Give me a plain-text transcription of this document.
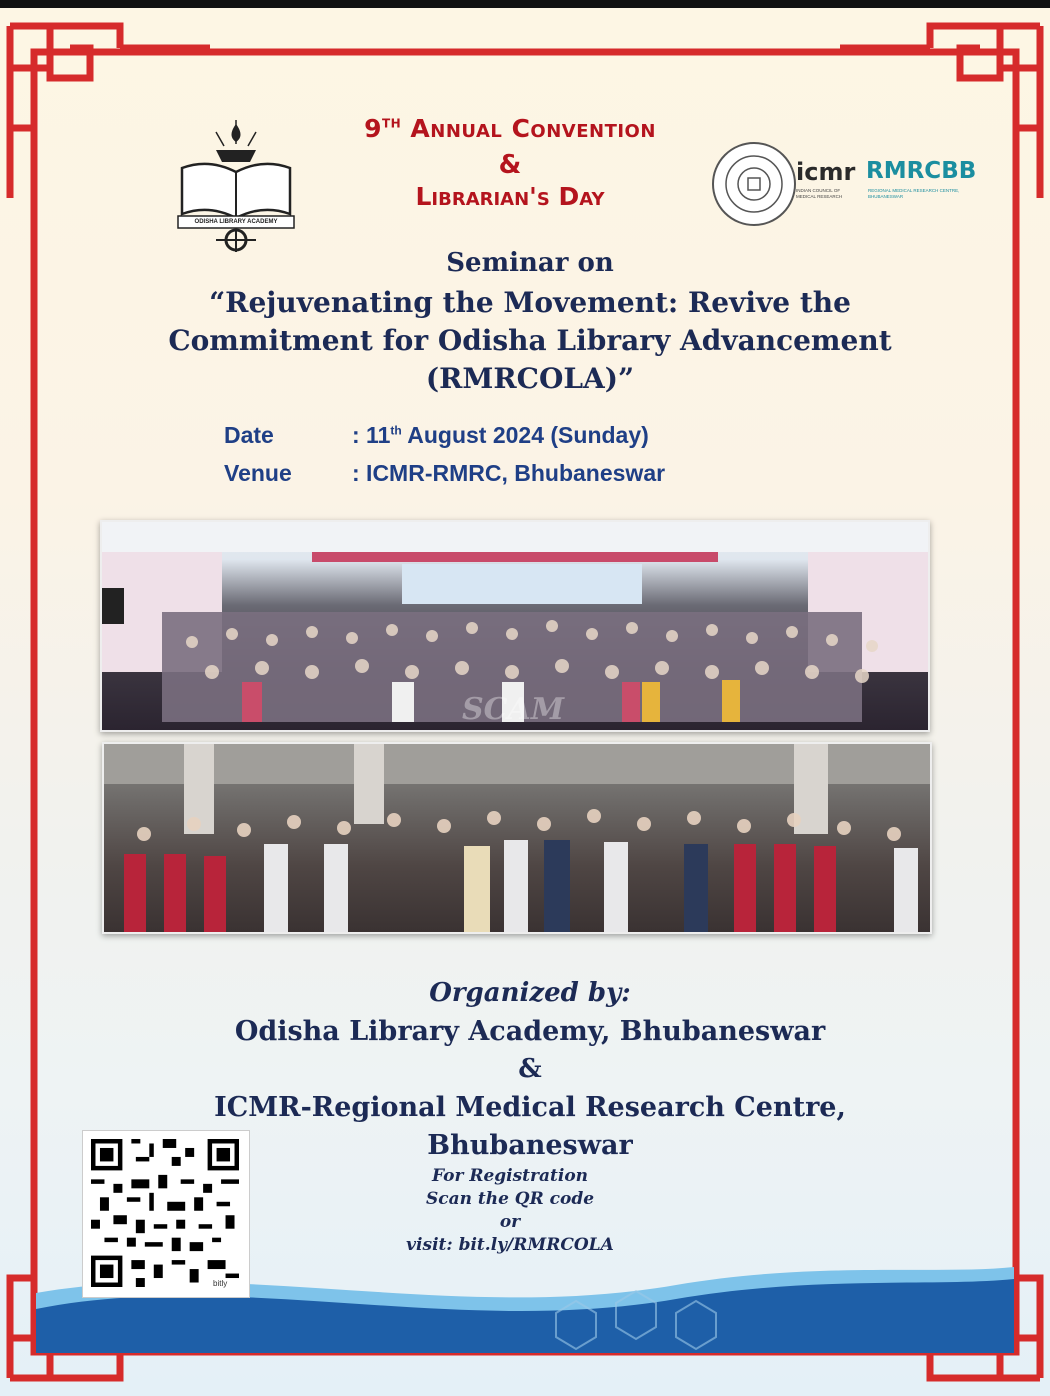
ODISHA LIBRARY ACADEMY
9TH Annual Convention
&
Librarian's Day
icmr
INDIAN COUNCIL OF MEDICAL RESEARCH
RMRCBB
REGIONAL MEDICAL RESEARCH CENTRE, BHUBANESWAR
Seminar on
“Rejuvenating the Movement: Revive the
Commitment for Odisha Library Advancement
(RMRCOLA)”
Date	: 11th August 2024 (Sunday)
Venue	: ICMR-RMRC, Bhubaneswar
SCAM
Organized by:
Odisha Library Academy, Bhubaneswar
&
ICMR-Regional Medical Research Centre,
Bhubaneswar
For Registration
Scan the QR code
or
visit: bit.ly/RMRCOLA
bitly
